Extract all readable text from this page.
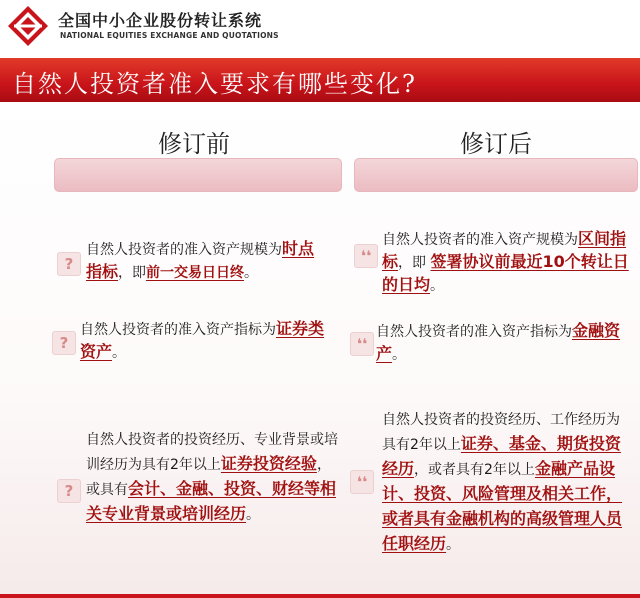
全国中小企业股份转让系统
NATIONAL EQUITIES EXCHANGE AND QUOTATIONS
自然人投资者准入要求有哪些变化?
修订前	修订后
?
自然人投资者的准入资产规模为时点指标，即前一交易日日终。
?
自然人投资者的准入资产指标为证券类资产。
?
自然人投资者的投资经历、专业背景或培训经历为具有2年以上证券投资经验，或具有会计、金融、投资、财经等相关专业背景或培训经历。
❛❛
自然人投资者的准入资产规模为区间指标，即 签署协议前最近10个转让日的日均。
❛❛
自然人投资者的准入资产指标为金融资产。
❛❛
自然人投资者的投资经历、工作经历为具有2年以上证券、基金、期货投资经历，或者具有2年以上金融产品设计、投资、风险管理及相关工作，或者具有金融机构的高级管理人员任职经历。
